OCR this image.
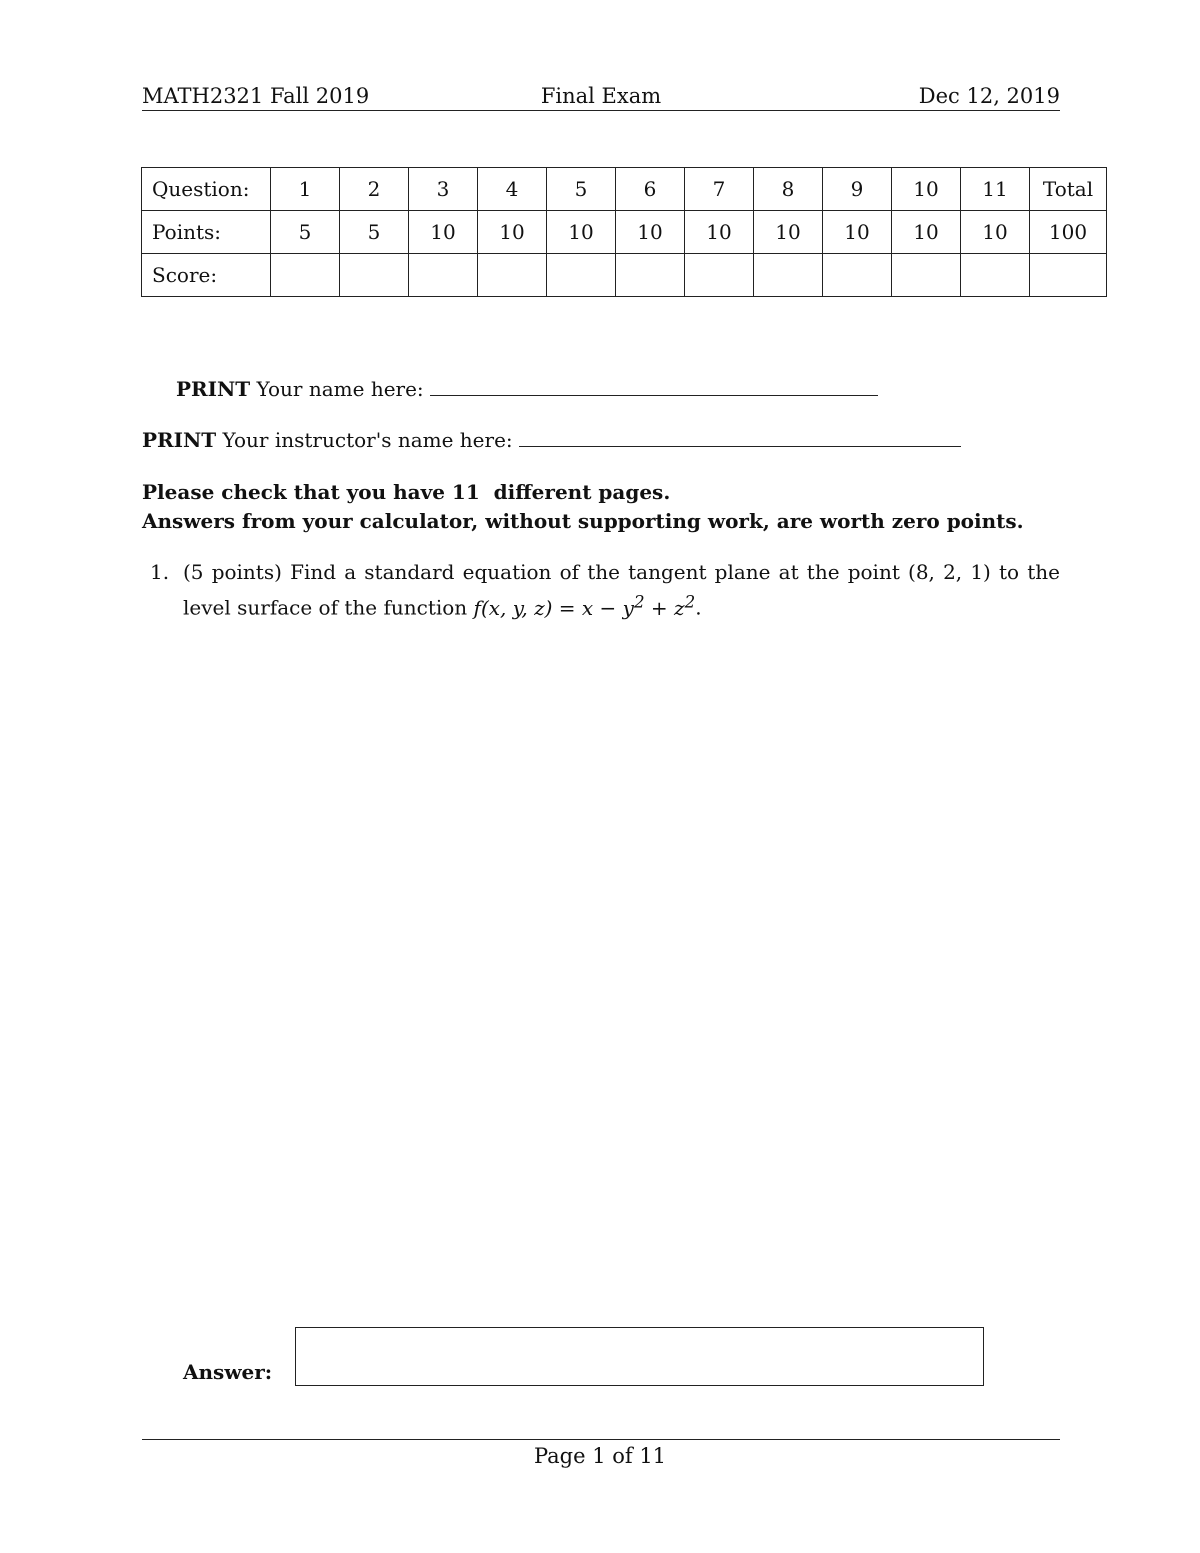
MATH2321 Fall 2019	Final Exam	Dec 12, 2019
Question:	1	2	3	4	5	6	7	8	9	10	11	Total
Points:	5	5	10	10	10	10	10	10	10	10	10	100
Score:												
PRINT Your name here:
PRINT Your instructor's name here:
Please check that you have 11  different pages.
Answers from your calculator, without supporting work, are worth zero points.
1. (5 points) Find a standard equation of the tangent plane at the point (8, 2, 1) to the level surface of the function f(x, y, $z) = x - y^2 + z^2$.
Answer:
Page 1 of 11
